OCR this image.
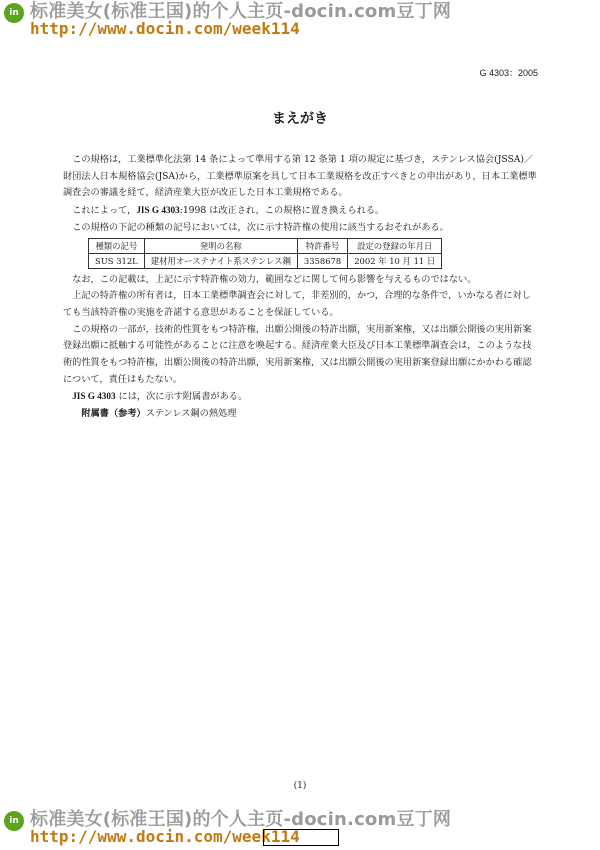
in 标准美女(标准王国)的个人主页-docin.com豆丁网
http://www.docin.com/week114
G 4303：2005
まえがき

この規格は，工業標準化法第 14 条によって準用する第 12 条第 1 項の規定に基づき，ステンレス協会(JSSA)／財団法人日本規格協会(JSA)から，工業標準原案を具して日本工業規格を改正すべきとの申出があり，日本工業標準調査会の審議を経て，経済産業大臣が改正した日本工業規格である。

これによって，JIS G 4303:1998 は改正され，この規格に置き換えられる。

この規格の下記の種類の記号においては，次に示す特許権の使用に該当するおそれがある。

種類の記号	発明の名称	特許番号	設定の登録の年月日
SUS 312L	建材用オーステナイト系ステンレス鋼	3358678	2002 年 10 月 11 日

なお，この記載は，上記に示す特許権の効力，範囲などに関して何ら影響を与えるものではない。

上記の特許権の所有者は，日本工業標準調査会に対して，非差別的，かつ，合理的な条件で，いかなる者に対しても当該特許権の実施を許諾する意思があることを保証している。

この規格の一部が，技術的性質をもつ特許権，出願公開後の特許出願，実用新案権，又は出願公開後の実用新案登録出願に抵触する可能性があることに注意を喚起する。経済産業大臣及び日本工業標準調査会は，このような技術的性質をもつ特許権，出願公開後の特許出願，実用新案権，又は出願公開後の実用新案登録出願にかかわる確認について，責任はもたない。

JIS G 4303 には，次に示す附属書がある。

附属書（参考）ステンレス鋼の熱処理

(1)
in 标准美女(标准王国)的个人主页-docin.com豆丁网
http://www.docin.com/week114
